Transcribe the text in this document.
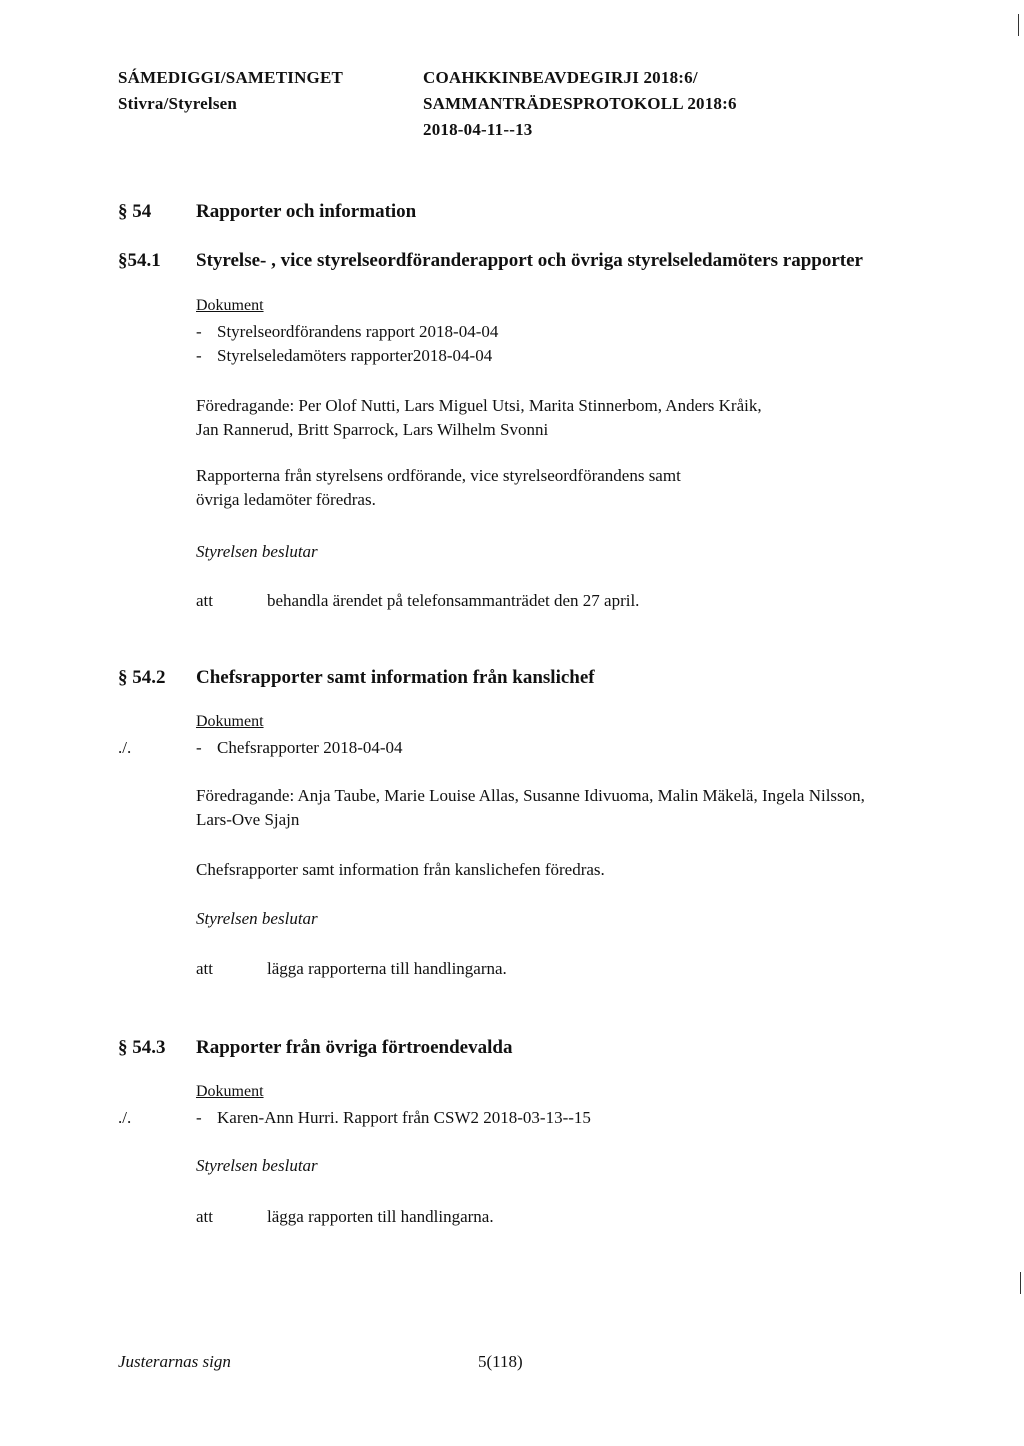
SÁMEDIGGI/SAMETINGET
Stivra/Styrelsen
COAHKKINBEAVDEGIRJI 2018:6/
SAMMANTRÄDESPROTOKOLL 2018:6
2018-04-11--13
§ 54 Rapporter och information
§54.1 Styrelse- , vice styrelseordföranderapport och övriga styrelseledamöters rapporter
Dokument
- Styrelseordförandens rapport 2018-04-04
- Styrelseledamöters rapporter2018-04-04
Föredragande: Per Olof Nutti, Lars Miguel Utsi, Marita Stinnerbom, Anders Kråik,
Jan Rannerud, Britt Sparrock, Lars Wilhelm Svonni
Rapporterna från styrelsens ordförande, vice styrelseordförandens samt
övriga ledamöter föredras.
Styrelsen beslutar
att	behandla ärendet på telefonsammanträdet den 27 april.
§ 54.2 Chefsrapporter samt information från kanslichef
Dokument
./.	- Chefsrapporter 2018-04-04
Föredragande: Anja Taube, Marie Louise Allas, Susanne Idivuoma, Malin Mäkelä, Ingela Nilsson,
Lars-Ove Sjajn
Chefsrapporter samt information från kanslichefen föredras.
Styrelsen beslutar
att	lägga rapporterna till handlingarna.
§ 54.3 Rapporter från övriga förtroendevalda
Dokument
./.	- Karen-Ann Hurri. Rapport från CSW2 2018-03-13--15
Styrelsen beslutar
att	lägga rapporten till handlingarna.
Justerarnas sign	5(118)
